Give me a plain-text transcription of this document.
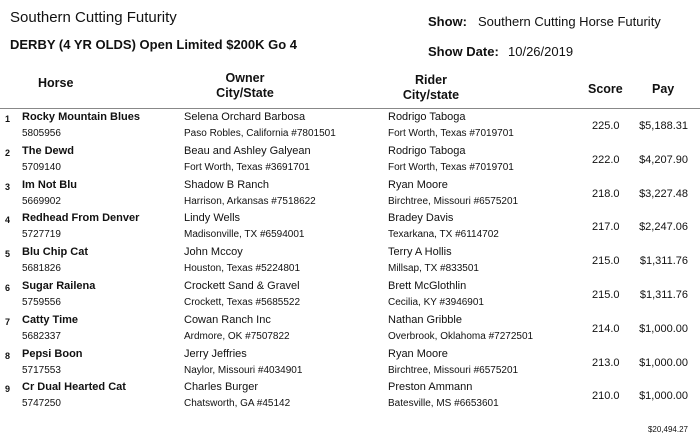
Southern Cutting Futurity
DERBY (4 YR OLDS) Open Limited $200K Go 4
Show: Southern Cutting Horse Futurity
Show Date: 10/26/2019
Horse	Owner
City/State
Rider
City/state	Score Pay
1 Rocky Mountain Blues
5805956
Selena Orchard Barbosa
Paso Robles, California #7801501
Rodrigo Taboga
Fort Worth, Texas #7019701
225.0 $5,188.31
2 The Dewd
5709140
Beau and Ashley Galyean
Fort Worth, Texas #3691701
Rodrigo Taboga
Fort Worth, Texas #7019701
222.0 $4,207.90
3 Im Not Blu
5669902
Shadow B Ranch
Harrison, Arkansas #7518622
Ryan Moore
Birchtree, Missouri #6575201
218.0 $3,227.48
4 Redhead From Denver
5727719
Lindy Wells
Madisonville, TX #6594001
Bradey Davis
Texarkana, TX #6114702
217.0 $2,247.06
5 Blu Chip Cat
5681826
John Mccoy
Houston, Texas #5224801
Terry A Hollis
Millsap, TX #833501
215.0 $1,311.76
6 Sugar Railena
5759556
Crockett Sand & Gravel
Crockett, Texas #5685522
Brett McGlothlin
Cecilia, KY #3946901
215.0 $1,311.76
7 Catty Time
5682337
Cowan Ranch Inc
Ardmore, OK #7507822
Nathan Gribble
Overbrook, Oklahoma #7272501
214.0 $1,000.00
8 Pepsi Boon
5717553
Jerry Jeffries
Naylor, Missouri #4034901
Ryan Moore
Birchtree, Missouri #6575201
213.0 $1,000.00
9 Cr Dual Hearted Cat
5747250
Charles Burger
Chatsworth, GA #45142
Preston Ammann
Batesville, MS #6653601
210.0 $1,000.00
$20,494.27
